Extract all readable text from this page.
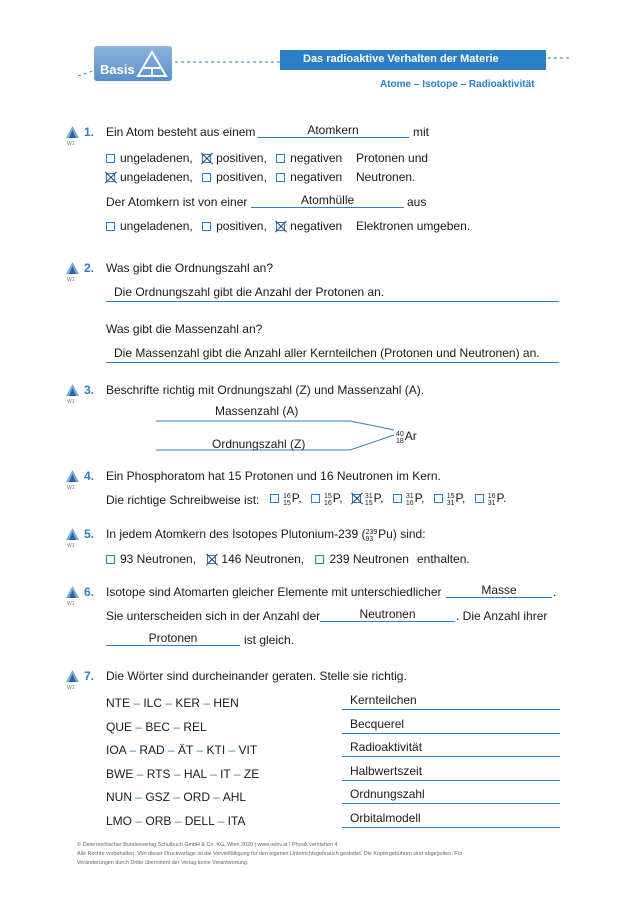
Basis
Das radioaktive Verhalten der Materie
Atome – Isotope – Radioaktivität
W1
1. Ein Atom besteht aus einem	Atomkern	mit
ungeladenen, positiven, negativen Protonen und
ungeladenen, positiven, negativen Neutronen.
Der Atomkern ist von einer	Atomhülle	aus
ungeladenen, positiven, negativen Elektronen umgeben.
W1
2. Was gibt die Ordnungszahl an?
Die Ordnungszahl gibt die Anzahl der Protonen an.
Was gibt die Massenzahl an?
Die Massenzahl gibt die Anzahl aller Kernteilchen (Protonen und Neutronen) an.
W1
3. Beschrifte richtig mit Ordnungszahl (Z) und Massenzahl (A).
Massenzahl (A)
Ordnungszahl (Z)
40
18 Ar
W1
4. Ein Phosphoratom hat 15 Protonen und 16 Neutronen im Kern.
Die richtige Schreibweise ist:	16
15 P,	15
16 P,	31
15 P,	31
16 P,	15
31 P,	16
31 P.
W1
5. In jedem Atomkern des Isotopes Plutonium-239 ( 239
93 Pu) sind:
93 Neutronen, 146 Neutronen, 239 Neutronen enthalten.
W1
6. Isotope sind Atomarten gleicher Elemente mit unterschiedlicher	Masse	.
Sie unterscheiden sich in der Anzahl der	Neutronen	. Die Anzahl ihrer
Protonen	ist gleich.
W1
7. Die Wörter sind durcheinander geraten. Stelle sie richtig.
NTE – ILC – KER – HEN	Kernteilchen
QUE – BEC – REL	Becquerel
IOA – RAD – ÄT – KTI – VIT	Radioaktivität
BWE – RTS – HAL – IT – ZE	Halbwertszeit
NUN – GSZ – ORD – AHL	Ordnungszahl
LMO – ORB – DELL – ITA	Orbitalmodell
© Österreichischer Bundesverlag Schulbuch GmbH & Co. KG, Wien 2020 | www.oebv.at | Physik verstehen 4
Alle Rechte vorbehalten. Von dieser Druckvorlage ist die Vervielfältigung für den eigenen Unterrichtsgebrauch gestattet. Die Kopiergebühren sind abgegolten. Für
Veränderungen durch Dritte übernimmt der Verlag keine Verantwortung.
